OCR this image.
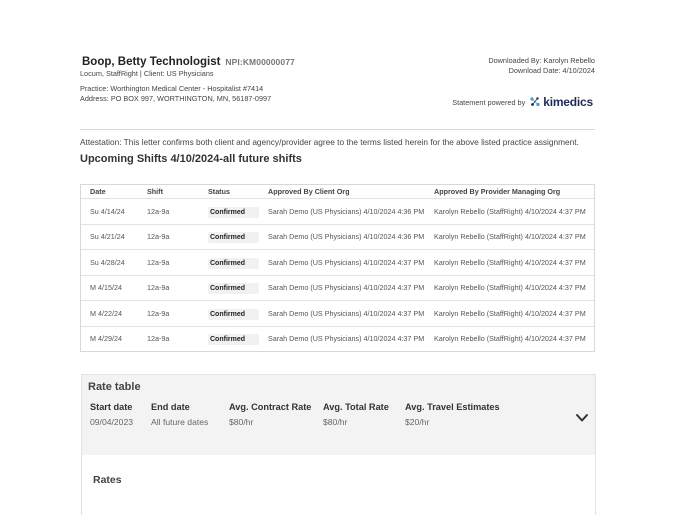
Boop, Betty Technologist NPI:KM00000077
Locum, StaffRight | Client: US Physicians
Practice: Worthington Medical Center - Hospitalist #7414
Address: PO BOX 997, WORTHINGTON, MN, 56187-0997
Downloaded By: Karolyn Rebello
Download Date: 4/10/2024
Statement powered by kimedics
Attestation: This letter confirms both client and agency/provider agree to the terms listed herein for the above listed practice assignment.
Upcoming Shifts 4/10/2024-all future shifts
Date	Shift	Status	Approved By Client Org	Approved By Provider Managing Org
Su 4/14/24	12a-9a	Confirmed	Sarah Demo (US Physicians) 4/10/2024 4:36 PM	Karolyn Rebello (StaffRight) 4/10/2024 4:37 PM
Su 4/21/24	12a-9a	Confirmed	Sarah Demo (US Physicians) 4/10/2024 4:36 PM	Karolyn Rebello (StaffRight) 4/10/2024 4:37 PM
Su 4/28/24	12a-9a	Confirmed	Sarah Demo (US Physicians) 4/10/2024 4:37 PM	Karolyn Rebello (StaffRight) 4/10/2024 4:37 PM
M 4/15/24	12a-9a	Confirmed	Sarah Demo (US Physicians) 4/10/2024 4:37 PM	Karolyn Rebello (StaffRight) 4/10/2024 4:37 PM
M 4/22/24	12a-9a	Confirmed	Sarah Demo (US Physicians) 4/10/2024 4:37 PM	Karolyn Rebello (StaffRight) 4/10/2024 4:37 PM
M 4/29/24	12a-9a	Confirmed	Sarah Demo (US Physicians) 4/10/2024 4:37 PM	Karolyn Rebello (StaffRight) 4/10/2024 4:37 PM
Rate table
Start date
09/04/2023
End date
All future dates
Avg. Contract Rate
$80/hr
Avg. Total Rate
$80/hr
Avg. Travel Estimates
$20/hr
Rates
